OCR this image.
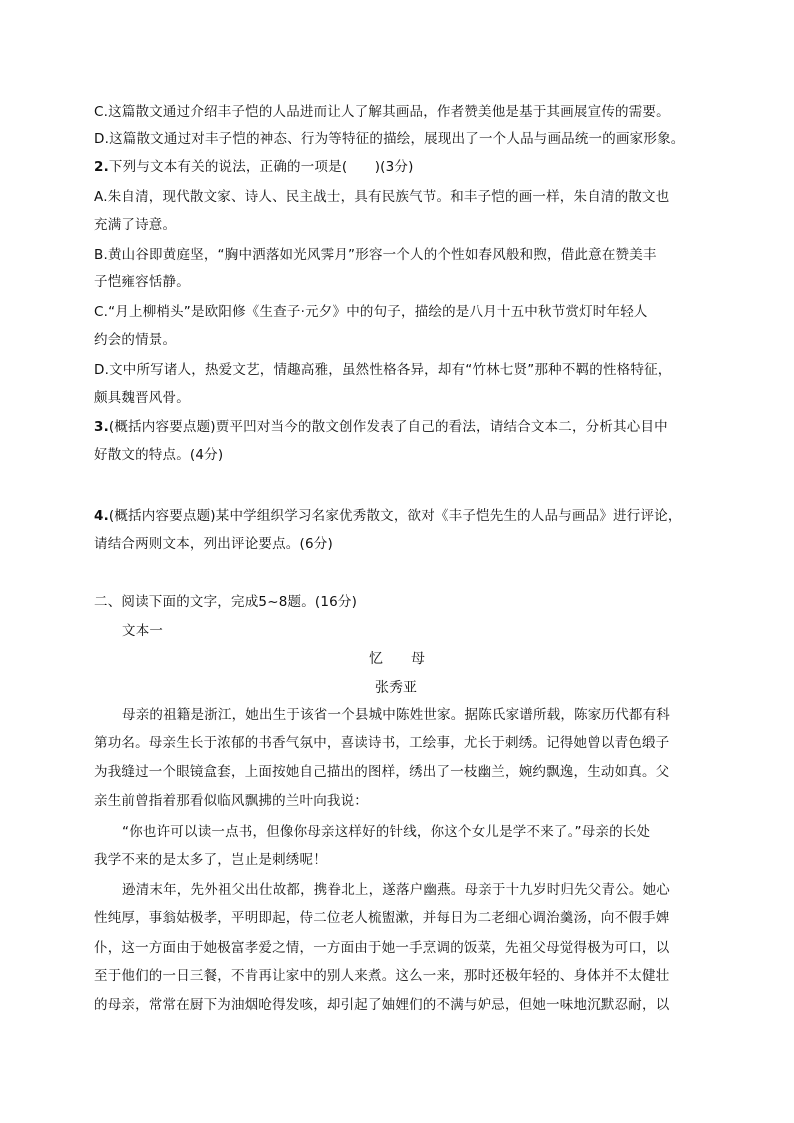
C.这篇散文通过介绍丰子恺的人品进而让人了解其画品，作者赞美他是基于其画展宣传的需要。
D.这篇散文通过对丰子恺的神态、行为等特征的描绘，展现出了一个人品与画品统一的画家形象。
2.下列与文本有关的说法，正确的一项是(　　)(3分)
A.朱自清，现代散文家、诗人、民主战士，具有民族气节。和丰子恺的画一样，朱自清的散文也
充满了诗意。
B.黄山谷即黄庭坚，“胸中洒落如光风霁月”形容一个人的个性如春风般和煦，借此意在赞美丰
子恺雍容恬静。
C.“月上柳梢头”是欧阳修《生查子·元夕》中的句子，描绘的是八月十五中秋节赏灯时年轻人
约会的情景。
D.文中所写诸人，热爱文艺，情趣高雅，虽然性格各异，却有“竹林七贤”那种不羁的性格特征，
颇具魏晋风骨。
3.(概括内容要点题)贾平凹对当今的散文创作发表了自己的看法，请结合文本二，分析其心目中
好散文的特点。(4分)
4.(概括内容要点题)某中学组织学习名家优秀散文，欲对《丰子恺先生的人品与画品》进行评论，
请结合两则文本，列出评论要点。(6分)
二、阅读下面的文字，完成5~8题。(16分)
文本一
忆　　母
张秀亚
母亲的祖籍是浙江，她出生于该省一个县城中陈姓世家。据陈氏家谱所载，陈家历代都有科
第功名。母亲生长于浓郁的书香气氛中，喜读诗书，工绘事，尤长于刺绣。记得她曾以青色缎子
为我缝过一个眼镜盒套，上面按她自己描出的图样，绣出了一枝幽兰，婉约飘逸，生动如真。父
亲生前曾指着那看似临风飘拂的兰叶向我说：
“你也许可以读一点书，但像你母亲这样好的针线，你这个女儿是学不来了。”母亲的长处
我学不来的是太多了，岂止是刺绣呢！
逊清末年，先外祖父出仕故都，携眷北上，遂落户幽燕。母亲于十九岁时归先父青公。她心
性纯厚，事翁姑极孝，平明即起，侍二位老人梳盥漱，并每日为二老细心调治羹汤，向不假手婢
仆，这一方面由于她极富孝爱之情，一方面由于她一手烹调的饭菜，先祖父母觉得极为可口，以
至于他们的一日三餐，不肯再让家中的别人来煮。这么一来，那时还极年轻的、身体并不太健壮
的母亲，常常在厨下为油烟呛得发咳，却引起了妯娌们的不满与妒忌，但她一味地沉默忍耐，以
